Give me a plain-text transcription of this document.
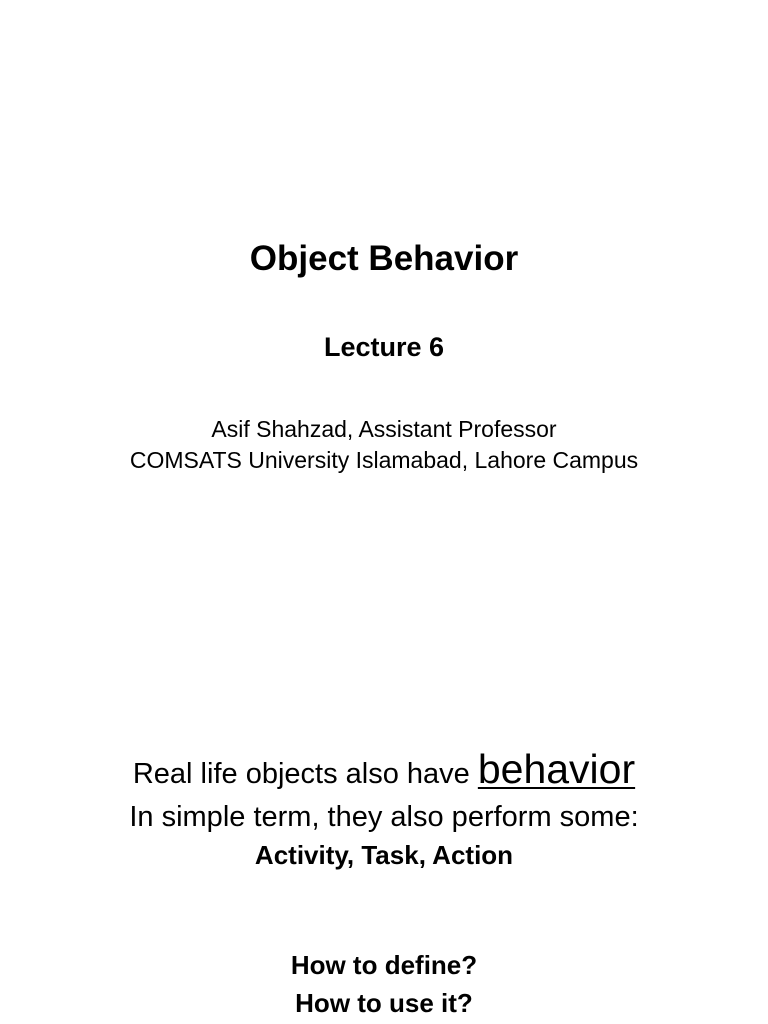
Object Behavior
Lecture 6
Asif Shahzad, Assistant Professor
COMSATS University Islamabad, Lahore Campus
Real life objects also have behavior
In simple term, they also perform some:
Activity, Task, Action
How to define?
How to use it?
